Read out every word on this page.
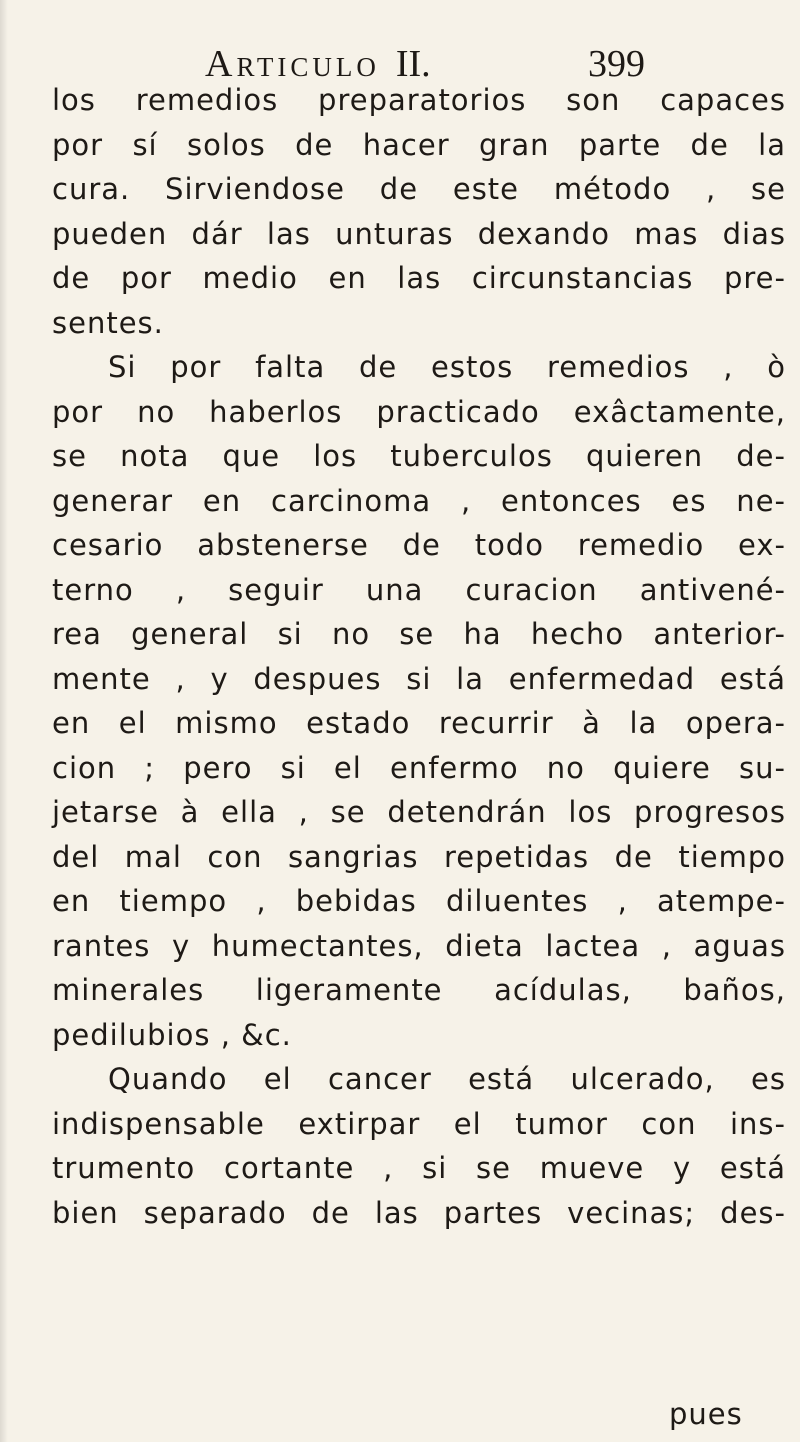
Articulo II.	399
los remedios preparatorios son capaces
por sí solos de hacer gran parte de la
cura. Sirviendose de este método , se
pueden dár las unturas dexando mas dias
de por medio en las circunstancias pre-
sentes.
Si por falta de estos remedios , ò
por no haberlos practicado exâctamente,
se nota que los tuberculos quieren de-
generar en carcinoma , entonces es ne-
cesario abstenerse de todo remedio ex-
terno , seguir una curacion antivené-
rea general si no se ha hecho anterior-
mente , y despues si la enfermedad está
en el mismo estado recurrir à la opera-
cion ; pero si el enfermo no quiere su-
jetarse à ella , se detendrán los progresos
del mal con sangrias repetidas de tiempo
en tiempo , bebidas diluentes , atempe-
rantes y humectantes, dieta lactea , aguas
minerales ligeramente acídulas, baños,
pedilubios , &c.
Quando el cancer está ulcerado, es
indispensable extirpar el tumor con ins-
trumento cortante , si se mueve y está
bien separado de las partes vecinas; des-
pues
